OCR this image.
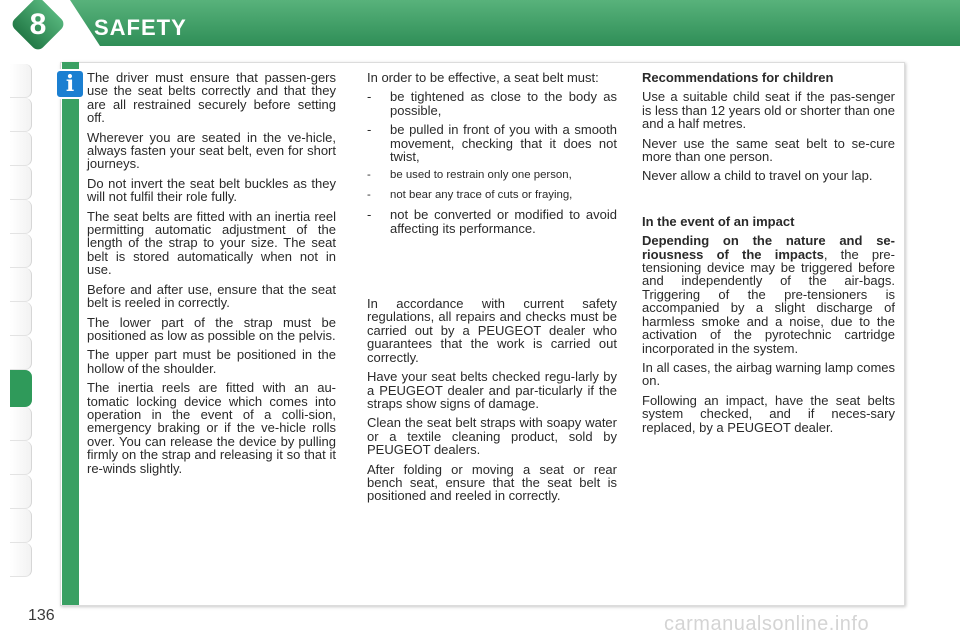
8	SAFETY
i The driver must ensure that passen-gers use the seat belts correctly and that they are all restrained securely before setting off.

Wherever you are seated in the ve-hicle, always fasten your seat belt, even for short journeys.

Do not invert the seat belt buckles as they will not fulfil their role fully.

The seat belts are fitted with an inertia reel permitting automatic adjustment of the length of the strap to your size. The seat belt is stored automatically when not in use.

Before and after use, ensure that the seat belt is reeled in correctly.

The lower part of the strap must be positioned as low as possible on the pelvis.

The upper part must be positioned in the hollow of the shoulder.

The inertia reels are fitted with an au-tomatic locking device which comes into operation in the event of a colli-sion, emergency braking or if the ve-hicle rolls over. You can release the device by pulling firmly on the strap and releasing it so that it re-winds slightly.

In order to be effective, a seat belt must:

- be tightened as close to the body as possible,
- be pulled in front of you with a smooth movement, checking that it does not twist,
- be used to restrain only one person,
- not bear any trace of cuts or fraying,
- not be converted or modified to avoid affecting its performance.

In accordance with current safety regulations, all repairs and checks must be carried out by a PEUGEOT dealer who guarantees that the work is carried out correctly.

Have your seat belts checked regu-larly by a PEUGEOT dealer and par-ticularly if the straps show signs of damage.

Clean the seat belt straps with soapy water or a textile cleaning product, sold by PEUGEOT dealers.

After folding or moving a seat or rear bench seat, ensure that the seat belt is positioned and reeled in correctly.

Recommendations for children

Use a suitable child seat if the pas-senger is less than 12 years old or shorter than one and a half metres.

Never use the same seat belt to se-cure more than one person.

Never allow a child to travel on your lap.

In the event of an impact

Depending on the nature and se-riousness of the impacts, the pre-tensioning device may be triggered before and independently of the air-bags. Triggering of the pre-tensioners is accompanied by a slight discharge of harmless smoke and a noise, due to the activation of the pyrotechnic cartridge incorporated in the system.

In all cases, the airbag warning lamp comes on.

Following an impact, have the seat belts system checked, and if neces-sary replaced, by a PEUGEOT dealer.

136	carmanualsonline.info
